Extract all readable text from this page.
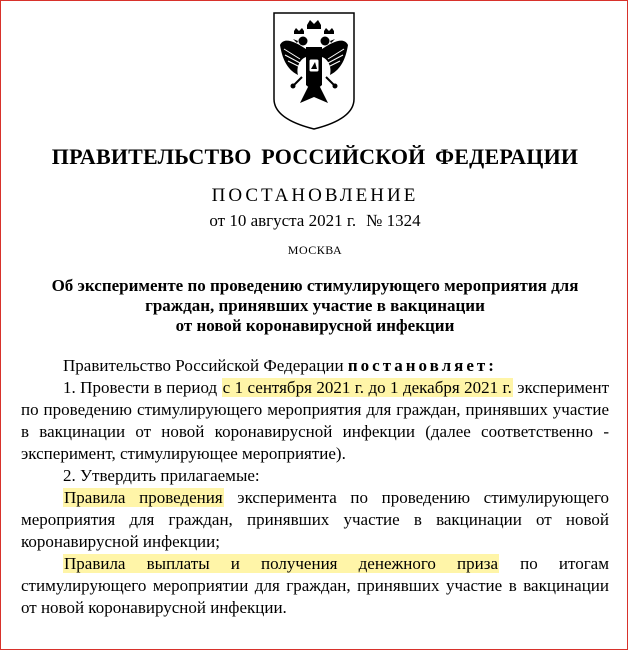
ПРАВИТЕЛЬСТВО РОССИЙСКОЙ ФЕДЕРАЦИИ
ПОСТАНОВЛЕНИЕ
от 10 августа 2021 г. № 1324
МОСКВА
Об эксперименте по проведению стимулирующего мероприятия для
граждан, принявших участие в вакцинации
от новой коронавирусной инфекции

Правительство Российской Федерации постановляет:

1. Провести в период с 1 сентября 2021 г. до 1 декабря 2021 г. эксперимент по проведению стимулирующего мероприятия для граждан, принявших участие в вакцинации от новой коронавирусной инфекции (далее соответственно - эксперимент, стимулирующее мероприятие).

2. Утвердить прилагаемые:

Правила проведения эксперимента по проведению стимулирующего мероприятия для граждан, принявших участие в вакцинации от новой коронавирусной инфекции;

Правила выплаты и получения денежного приза по итогам стимулирующего мероприятии для граждан, принявших участие в вакцинации от новой коронавирусной инфекции.
